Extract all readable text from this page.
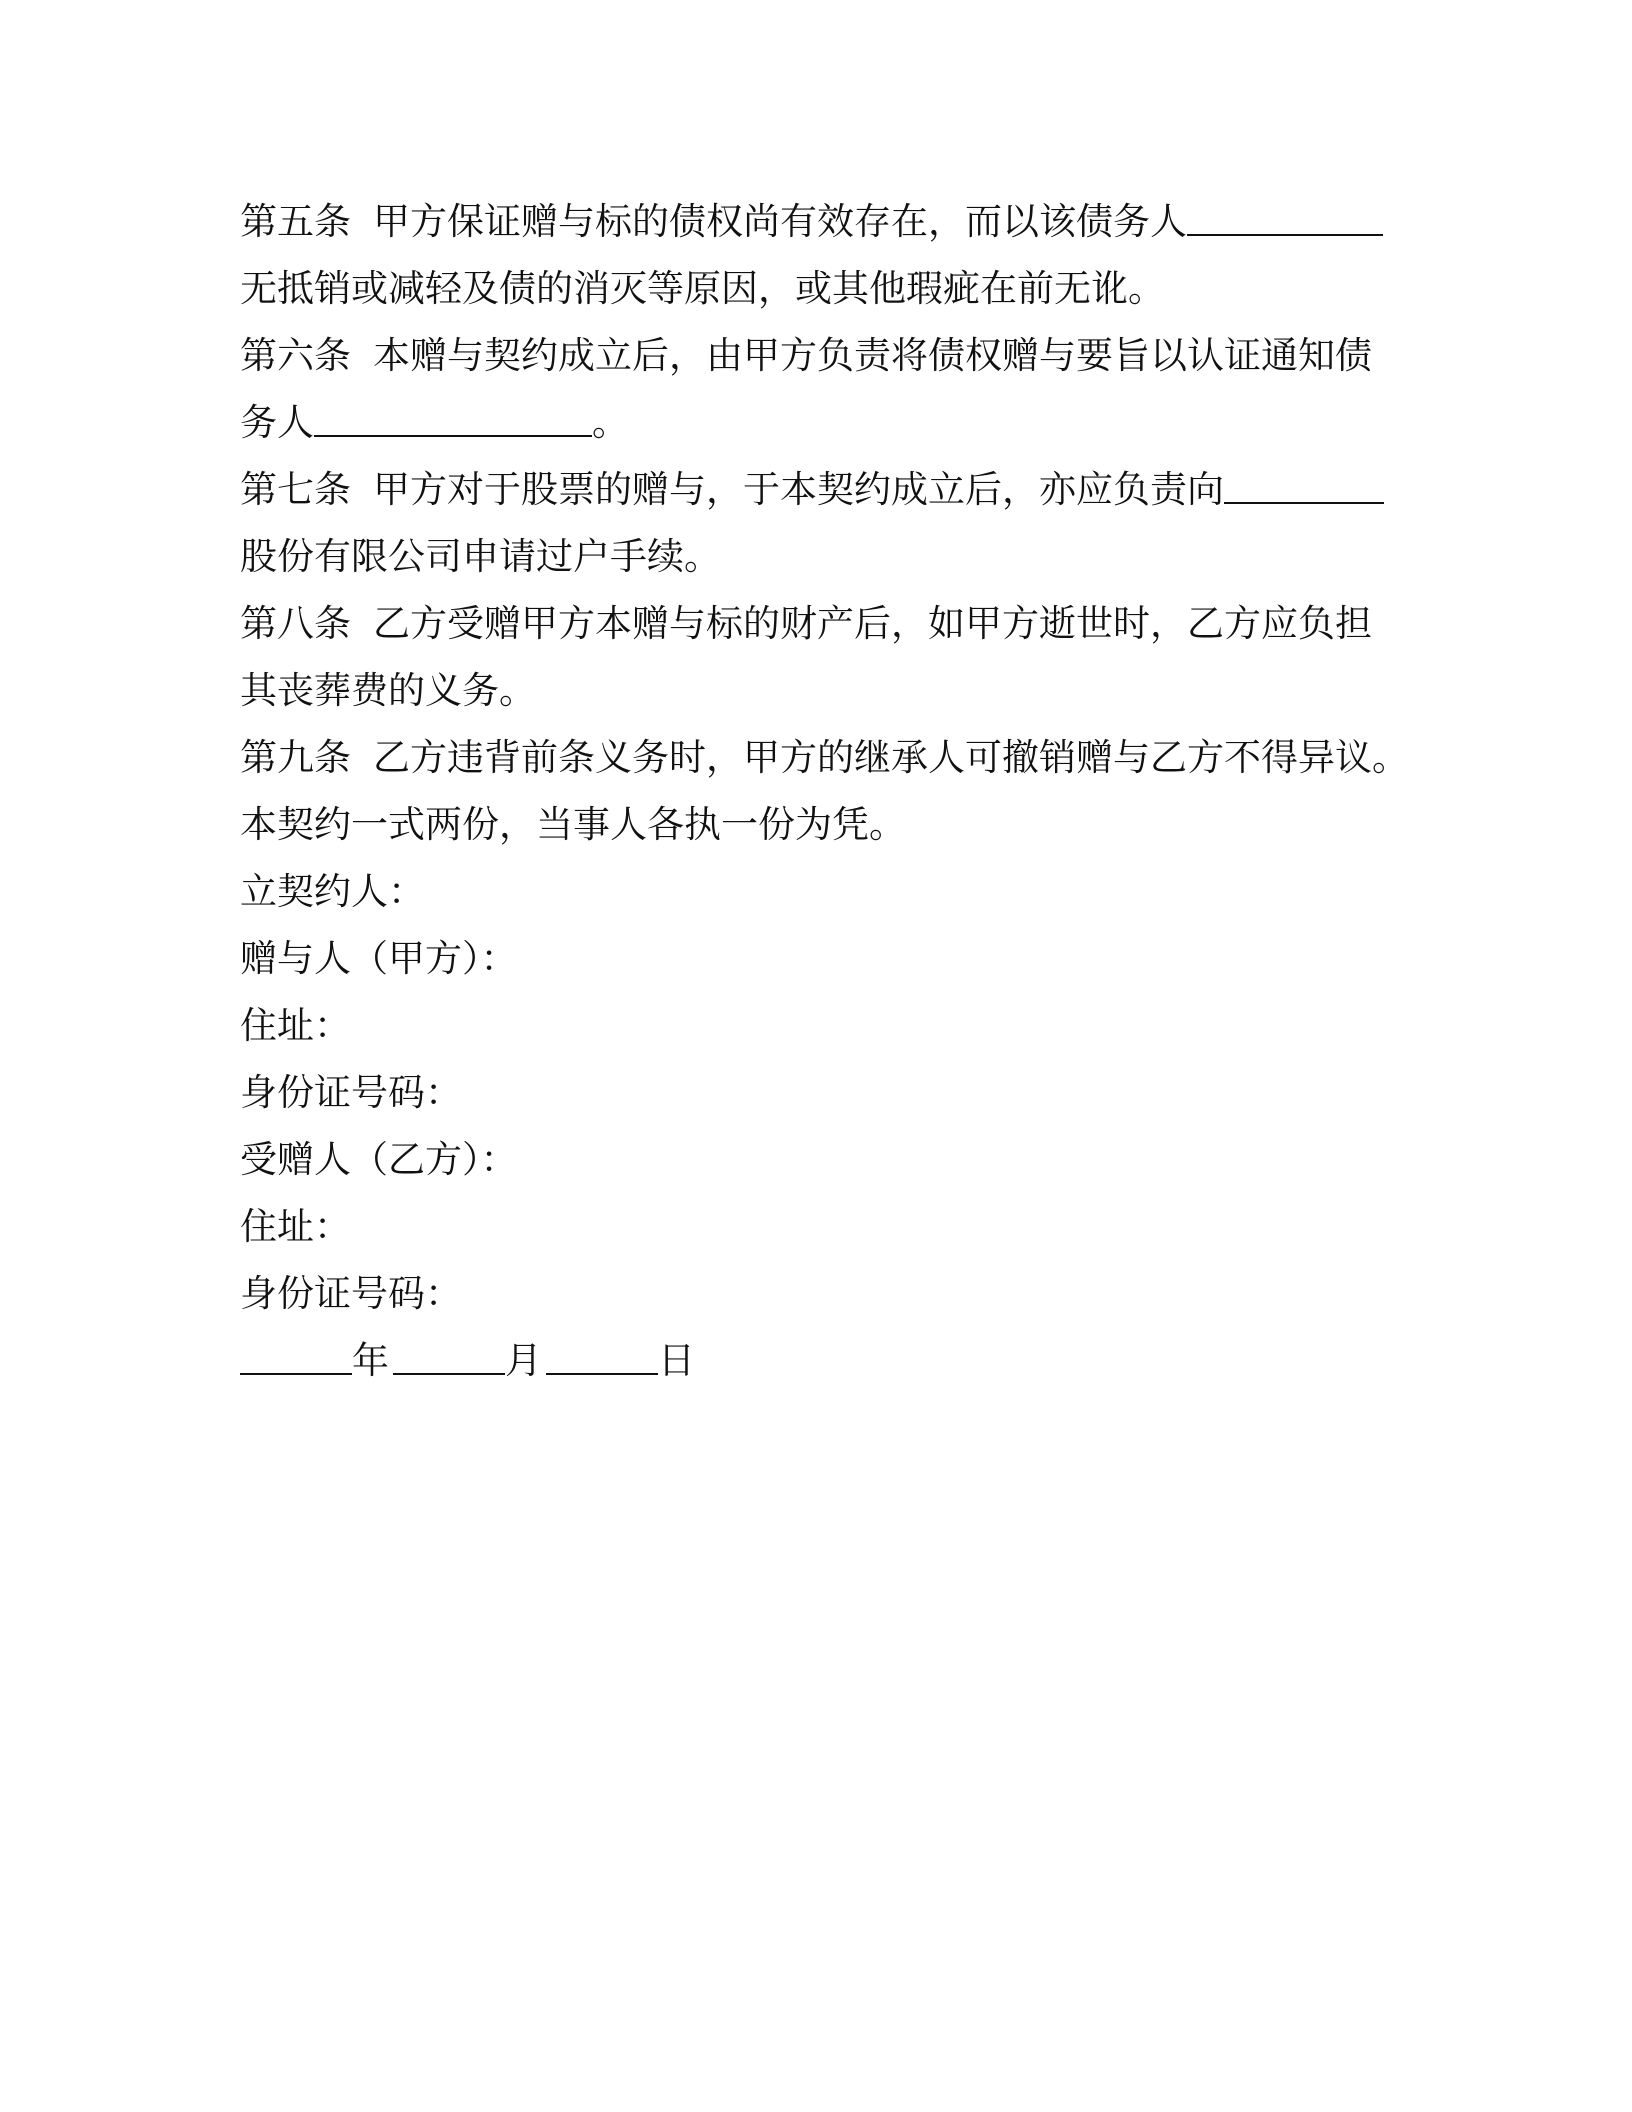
第五条 甲方保证赠与标的债权尚有效存在，而以该债务人
无抵销或减轻及债的消灭等原因，或其他瑕疵在前无讹。
第六条 本赠与契约成立后，由甲方负责将债权赠与要旨以认证通知债
务人	。
第七条 甲方对于股票的赠与，于本契约成立后，亦应负责向
股份有限公司申请过户手续。
第八条 乙方受赠甲方本赠与标的财产后，如甲方逝世时，乙方应负担
其丧葬费的义务。
第九条 乙方违背前条义务时，甲方的继承人可撤销赠与乙方不得异议。
本契约一式两份，当事人各执一份为凭。
立契约人：
赠与人（甲方）：
住址：
身份证号码：
受赠人（乙方）：
住址：
身份证号码：
年	月	日
